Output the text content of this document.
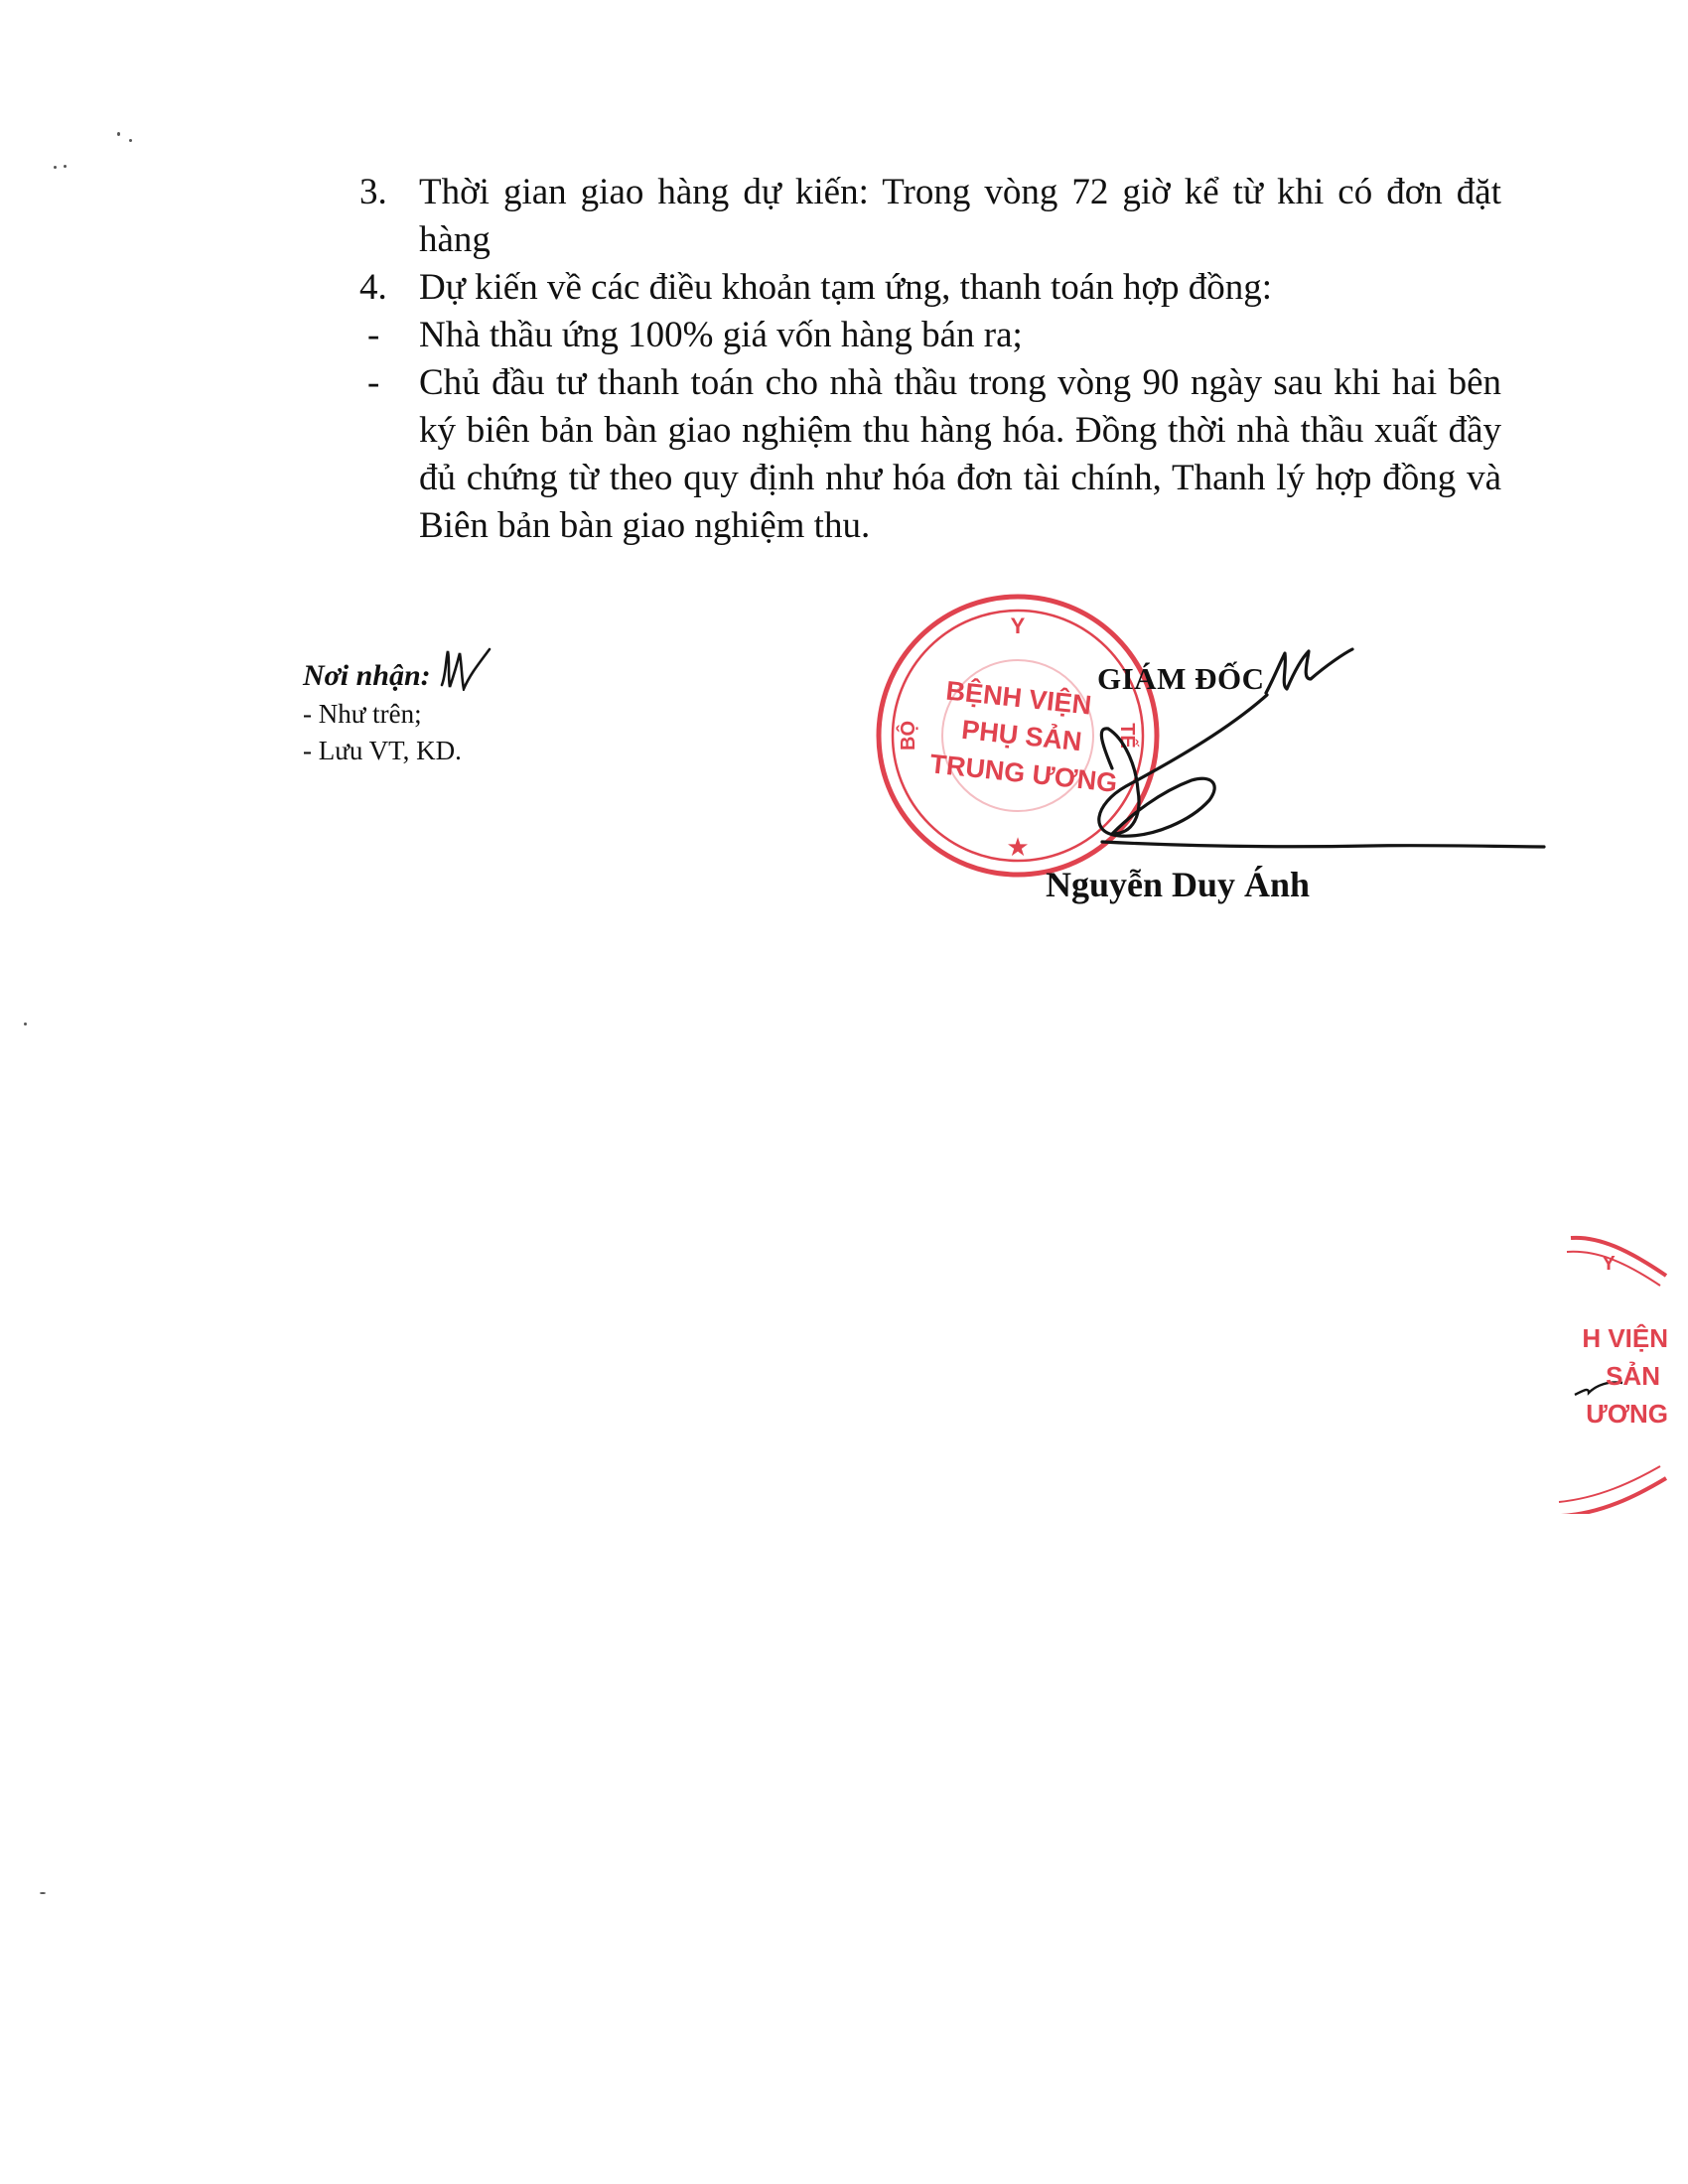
3. Thời gian giao hàng dự kiến: Trong vòng 72 giờ kể từ khi có đơn đặt hàng
4. Dự kiến về các điều khoản tạm ứng, thanh toán hợp đồng:
-	Nhà thầu ứng 100% giá vốn hàng bán ra;
-	Chủ đầu tư thanh toán cho nhà thầu trong vòng 90 ngày sau khi hai bên ký biên bản bàn giao nghiệm thu hàng hóa. Đồng thời nhà thầu xuất đầy đủ chứng từ theo quy định như hóa đơn tài chính, Thanh lý hợp đồng và Biên bản bàn giao nghiệm thu.
Nơi nhận:
- Như trên;
- Lưu VT, KD.
Y
BỘ	TẾ
BỆNH VIỆN
PHỤ SẢN
TRUNG ƯƠNG
★
GIÁM ĐỐC
Nguyễn Duy Ánh
Y
H VIỆN
SẢN
ƯƠNG
